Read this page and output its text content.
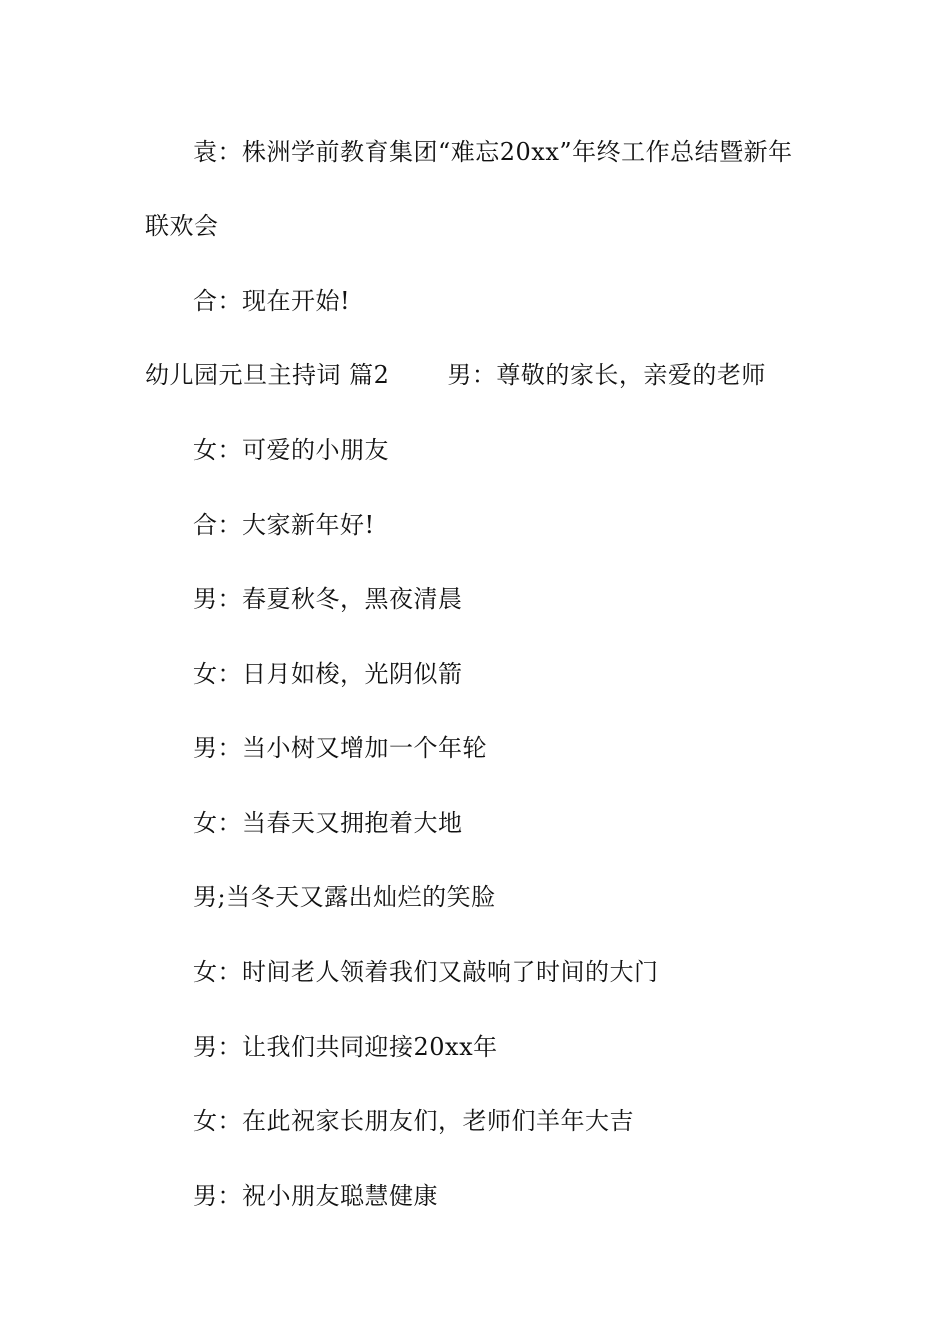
袁：株洲学前教育集团“难忘20xx”年终工作总结暨新年
联欢会
合：现在开始!
幼儿园元旦主持词 篇2 男：尊敬的家长，亲爱的老师
女：可爱的小朋友
合：大家新年好!
男：春夏秋冬，黑夜清晨
女：日月如梭，光阴似箭
男：当小树又增加一个年轮
女：当春天又拥抱着大地
男;当冬天又露出灿烂的笑脸
女：时间老人领着我们又敲响了时间的大门
男：让我们共同迎接20xx年
女：在此祝家长朋友们，老师们羊年大吉
男：祝小朋友聪慧健康
